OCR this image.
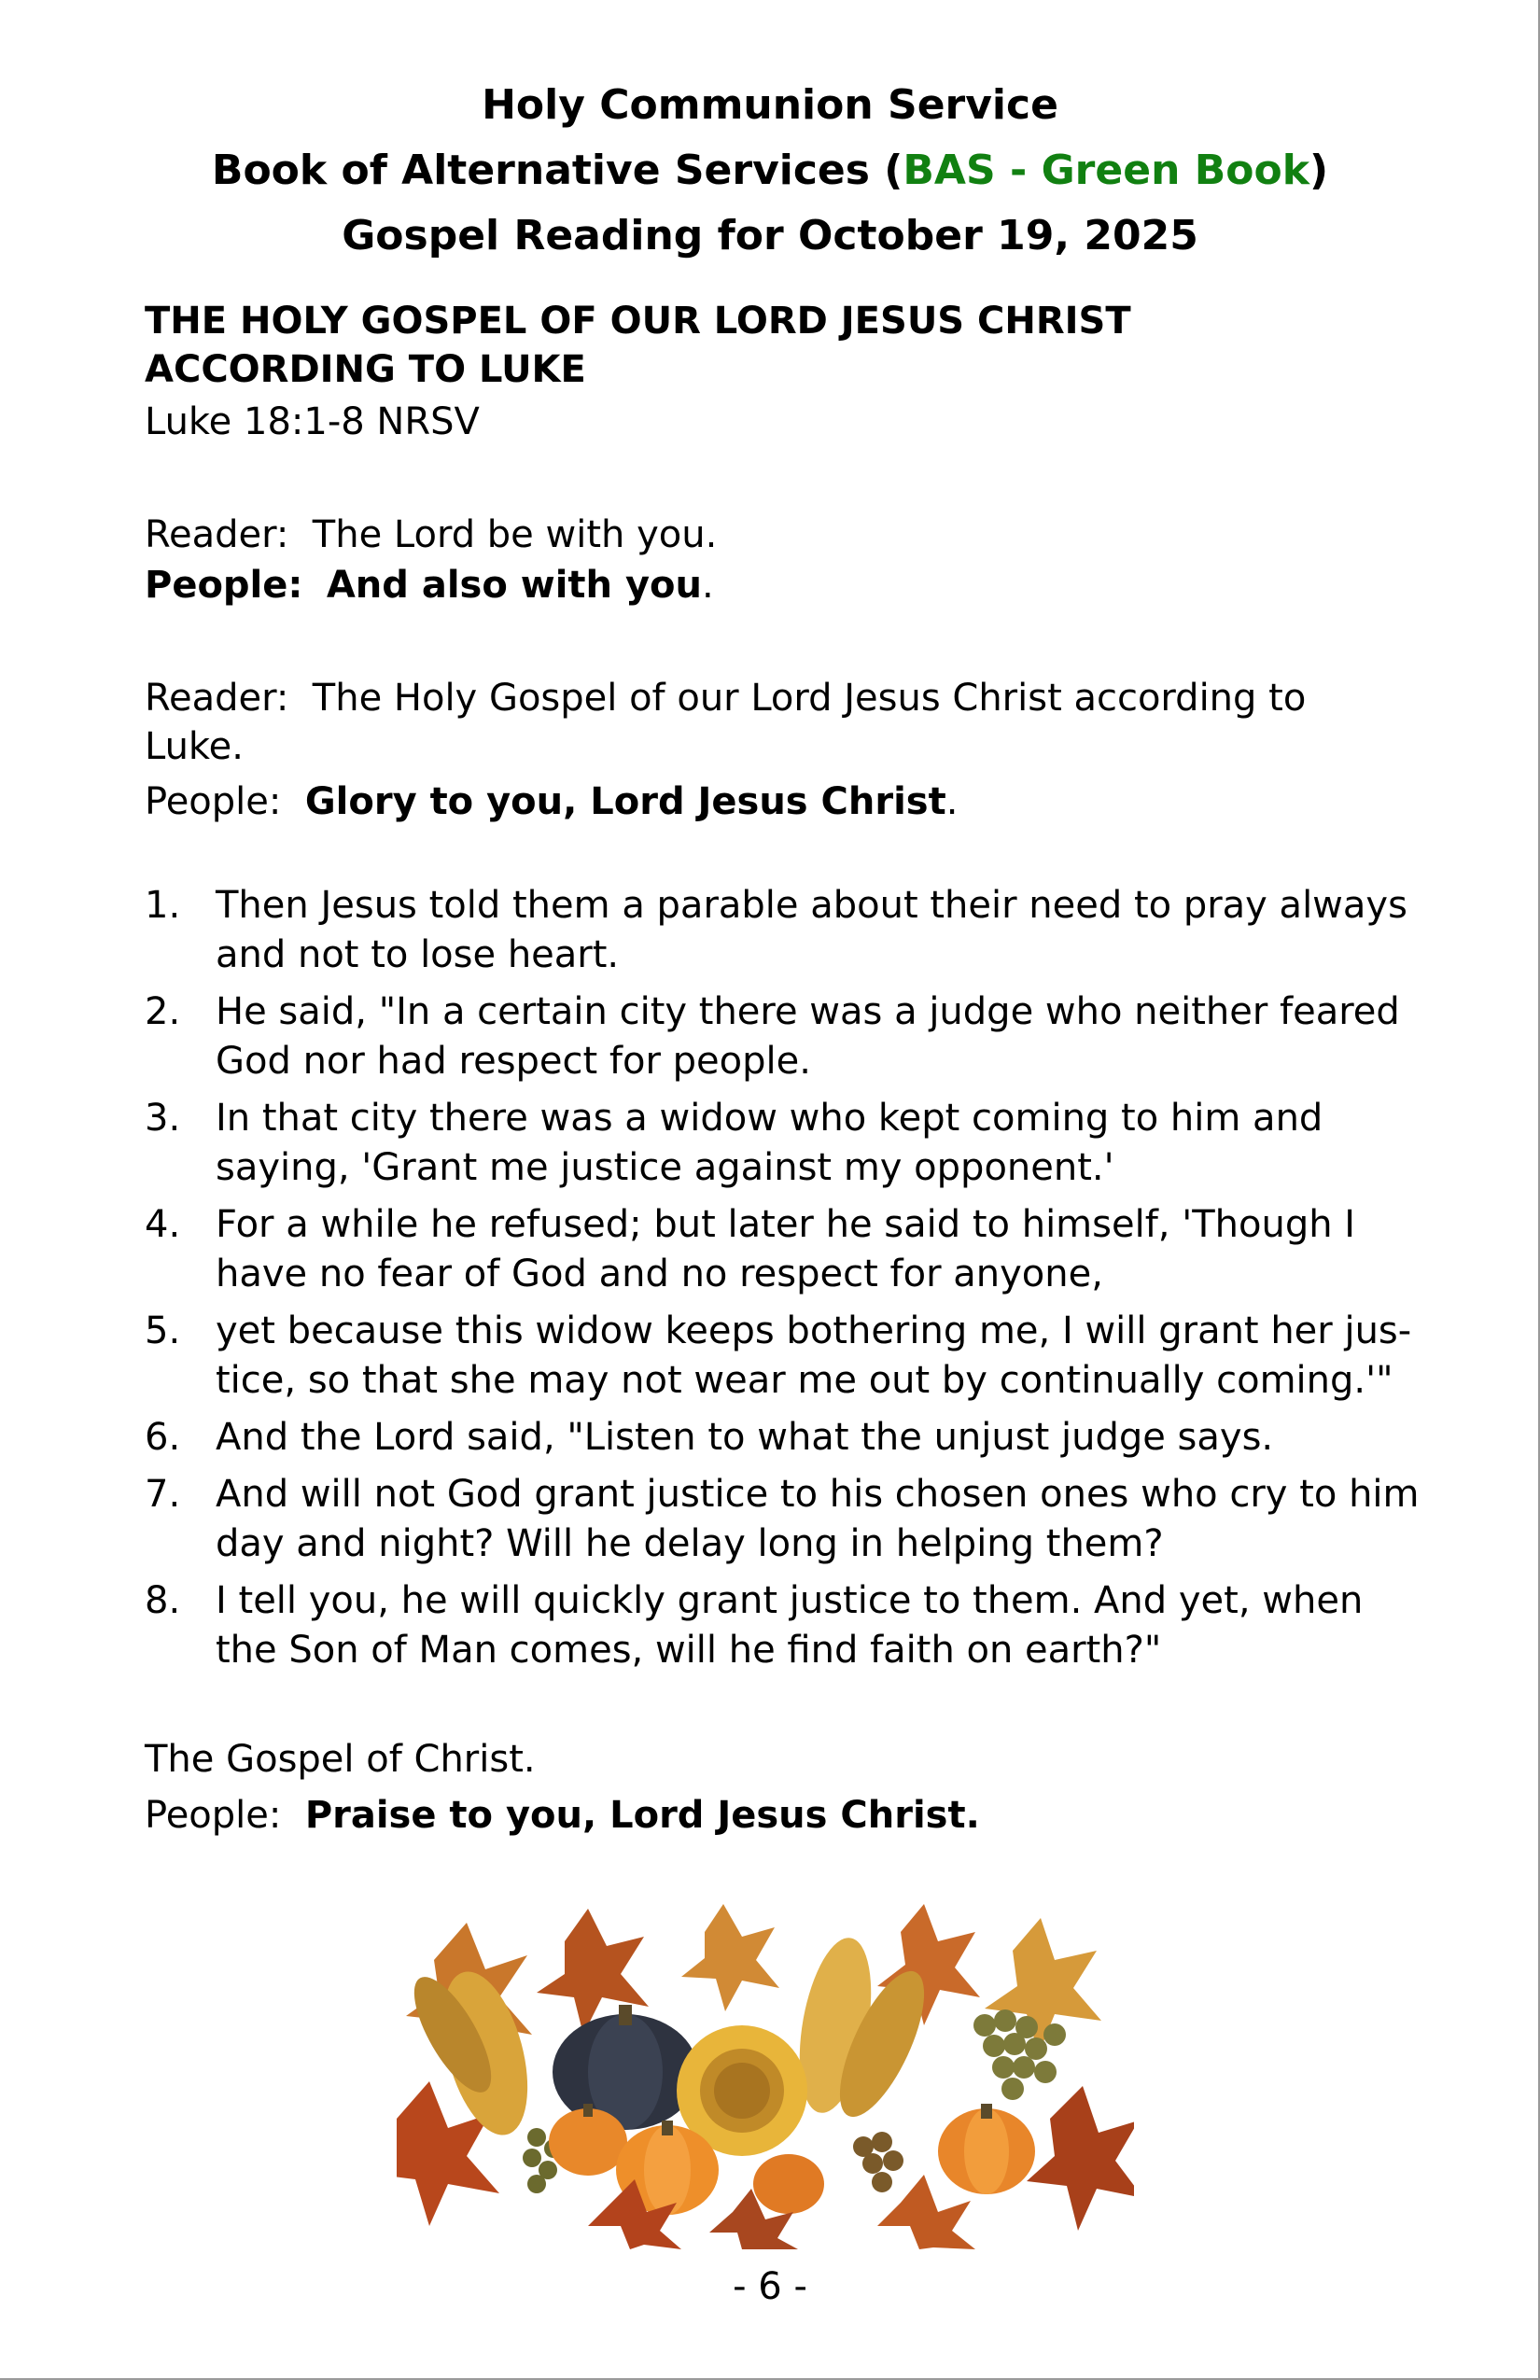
Holy Communion Service
Book of Alternative Services (BAS - Green Book)
Gospel Reading for October 19, 2025

THE HOLY GOSPEL OF OUR LORD JESUS CHRIST ACCORDING TO LUKE

Luke 18:1-8 NRSV

Reader: The Lord be with you.

People: And also with you.

Reader: The Holy Gospel of our Lord Jesus Christ according to Luke.

People: Glory to you, Lord Jesus Christ.

1. Then Jesus told them a parable about their need to pray always and not to lose heart.
2. He said, "In a certain city there was a judge who neither feared God nor had respect for people.
3. In that city there was a widow who kept coming to him and saying, 'Grant me justice against my opponent.'
4. For a while he refused; but later he said to himself, 'Though I have no fear of God and no respect for anyone,
5. yet because this widow keeps bothering me, I will grant her jus-tice, so that she may not wear me out by continually coming.'"
6. And the Lord said, "Listen to what the unjust judge says.
7. And will not God grant justice to his chosen ones who cry to him day and night? Will he delay long in helping them?
8. I tell you, he will quickly grant justice to them. And yet, when the Son of Man comes, will he find faith on earth?"

The Gospel of Christ.

People: Praise to you, Lord Jesus Christ.

- 6 -
